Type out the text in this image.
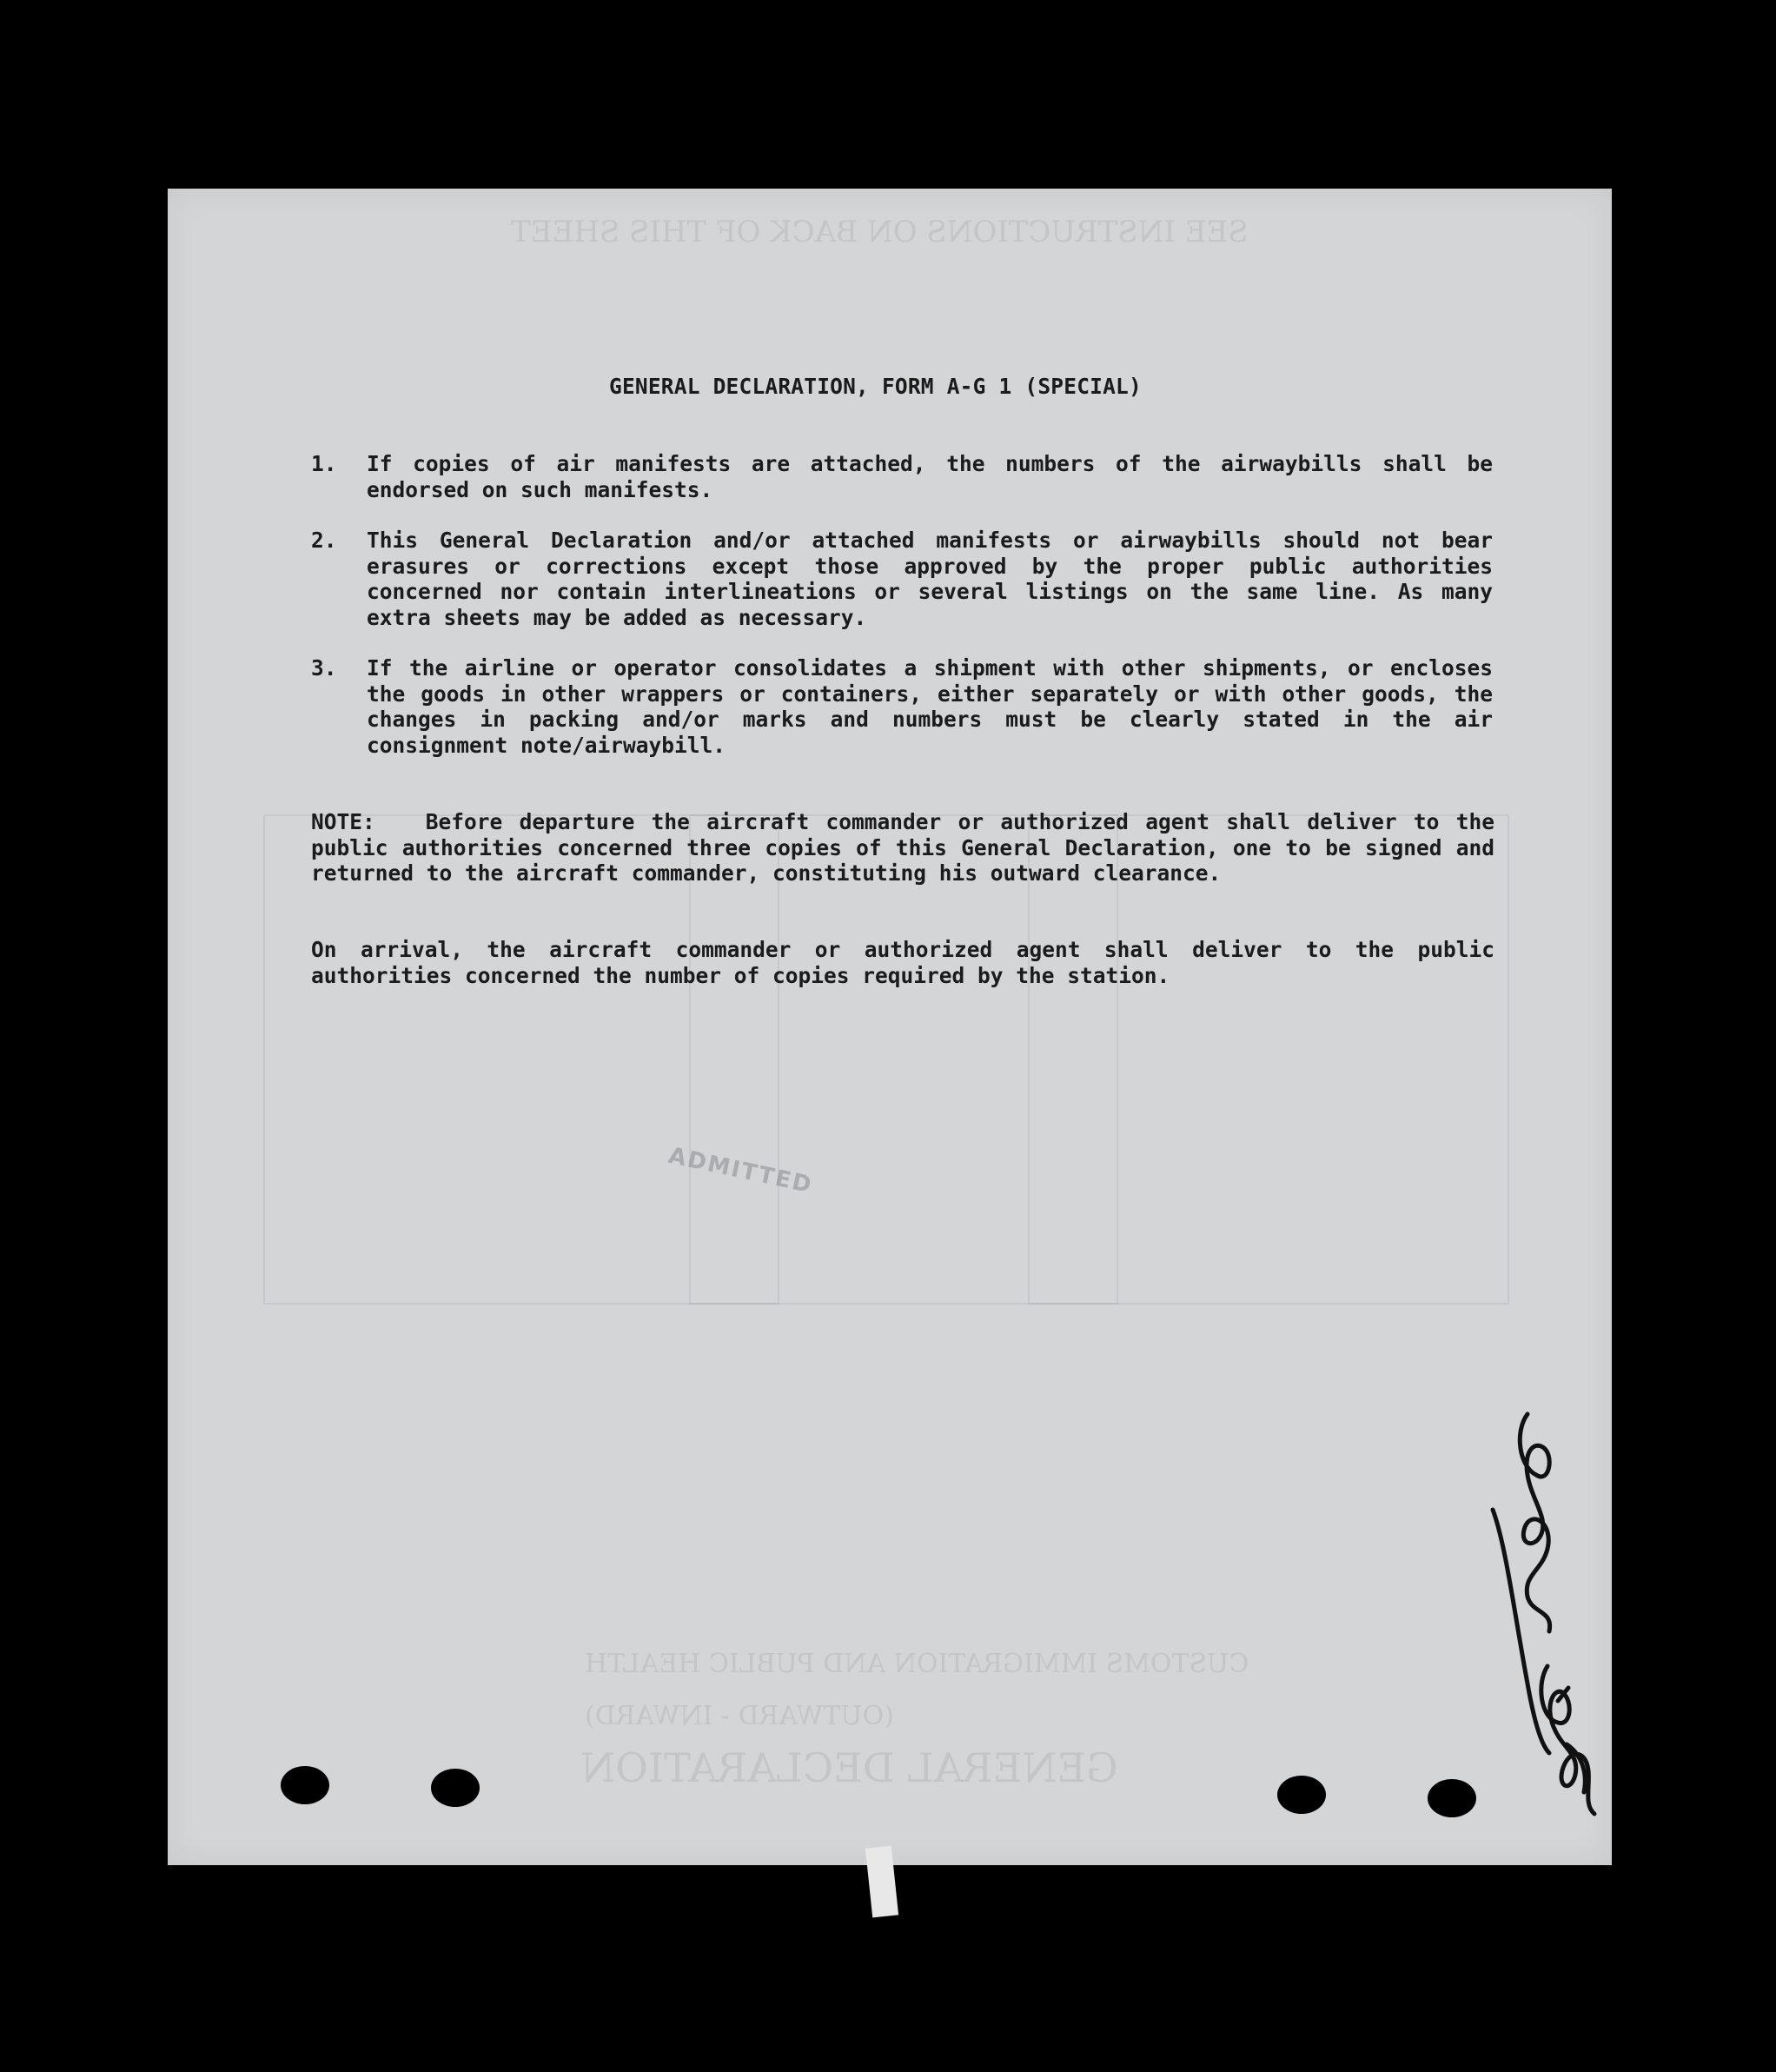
SEE INSTRUCTIONS ON BACK OF THIS SHEET
CUSTOMS IMMIGRATION AND PUBLIC HEALTH
(OUTWARD - INWARD)
GENERAL DECLARATION
ADMITTED
GENERAL DECLARATION, FORM A-G 1 (SPECIAL)
1. If copies of air manifests are attached, the numbers of the airwaybills shall be endorsed on such manifests.
2. This General Declaration and/or attached manifests or airwaybills should not bear erasures or corrections except those approved by the proper public authorities concerned nor contain interlineations or several listings on the same line. As many extra sheets may be added as necessary.
3. If the airline or operator consolidates a shipment with other shipments, or encloses the goods in other wrappers or containers, either separately or with other goods, the changes in packing and/or marks and numbers must be clearly stated in the air consignment note/airwaybill.
NOTE: Before departure the aircraft commander or authorized agent shall deliver to the public authorities concerned three copies of this General Declaration, one to be signed and returned to the aircraft commander, constituting his outward clearance.
On arrival, the aircraft commander or authorized agent shall deliver to the public authorities concerned the number of copies required by the station.
Edward Phillip
